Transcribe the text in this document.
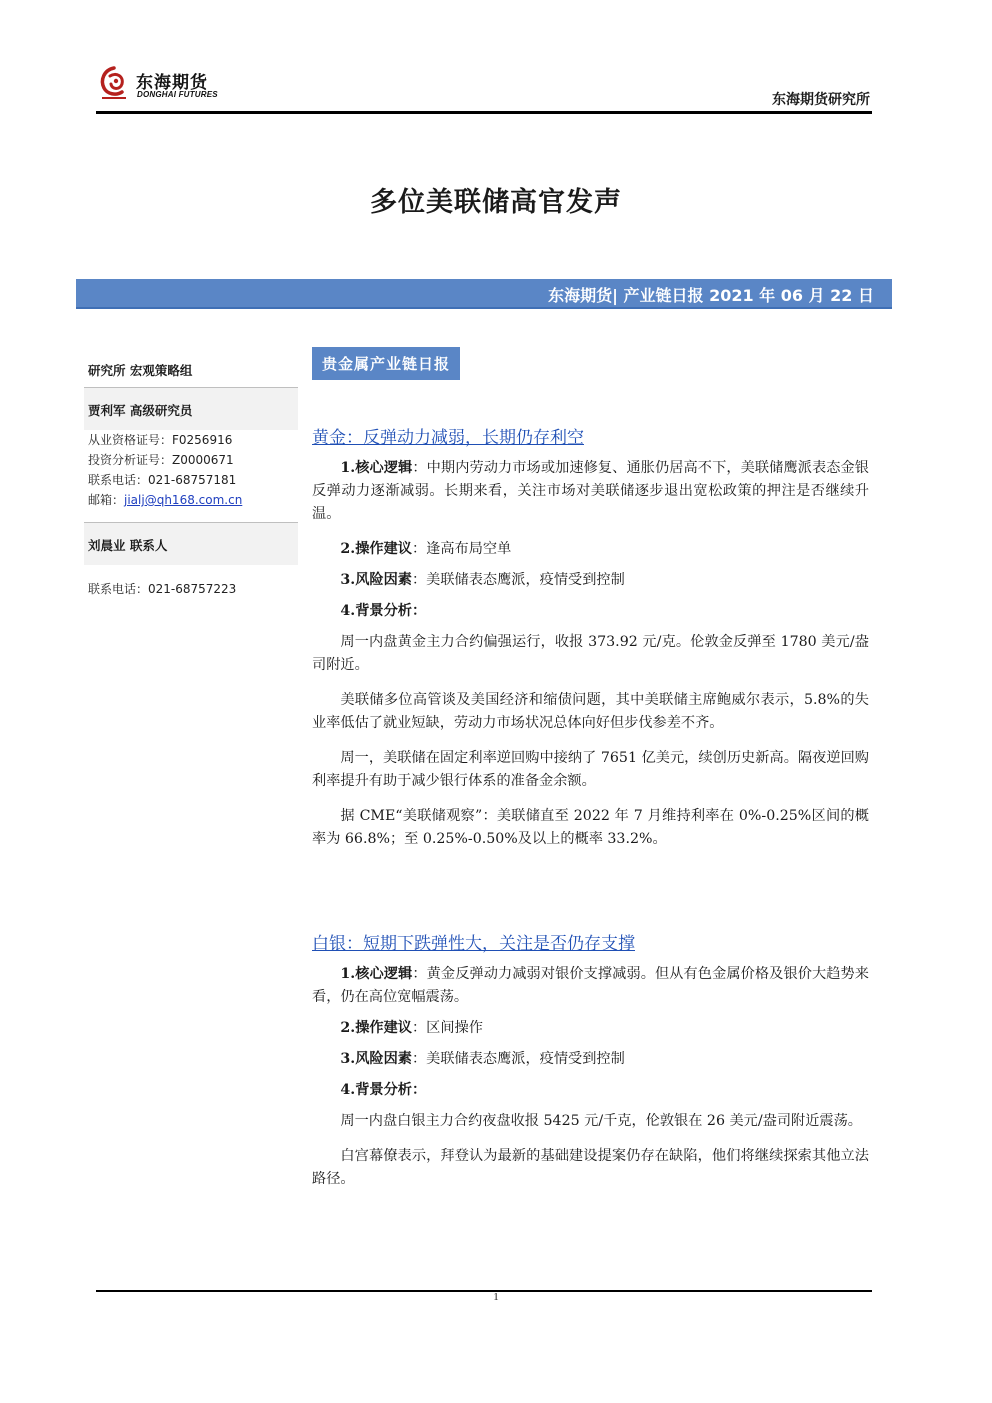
东海期货
DONGHAI FUTURES	东海期货研究所
多位美联储高官发声
东海期货| 产业链日报 2021 年 06 月 22 日
研究所 宏观策略组
贾利军 高级研究员
从业资格证号：F0256916
投资分析证号：Z0000671
联系电话：021-68757181
邮箱：jialj@qh168.com.cn
刘晨业 联系人
联系电话：021-68757223
贵金属产业链日报
黄金：反弹动力减弱，长期仍存利空
1.核心逻辑：中期内劳动力市场或加速修复、通胀仍居高不下，美联储鹰派表态金银反弹动力逐渐减弱。长期来看，关注市场对美联储逐步退出宽松政策的押注是否继续升温。
2.操作建议：逢高布局空单
3.风险因素：美联储表态鹰派，疫情受到控制
4.背景分析：
周一内盘黄金主力合约偏强运行，收报 373.92 元/克。伦敦金反弹至 1780 美元/盎司附近。
美联储多位高管谈及美国经济和缩债问题，其中美联储主席鲍威尔表示，5.8%的失业率低估了就业短缺，劳动力市场状况总体向好但步伐参差不齐。
周一，美联储在固定利率逆回购中接纳了 7651 亿美元，续创历史新高。隔夜逆回购利率提升有助于减少银行体系的准备金余额。
据 CME“美联储观察”：美联储直至 2022 年 7 月维持利率在 0%-0.25%区间的概率为 66.8%；至 0.25%-0.50%及以上的概率 33.2%。
白银：短期下跌弹性大，关注是否仍存支撑
1.核心逻辑：黄金反弹动力减弱对银价支撑减弱。但从有色金属价格及银价大趋势来看，仍在高位宽幅震荡。
2.操作建议：区间操作
3.风险因素：美联储表态鹰派，疫情受到控制
4.背景分析：
周一内盘白银主力合约夜盘收报 5425 元/千克，伦敦银在 26 美元/盎司附近震荡。
白宫幕僚表示，拜登认为最新的基础建设提案仍存在缺陷，他们将继续探索其他立法路径。
1
